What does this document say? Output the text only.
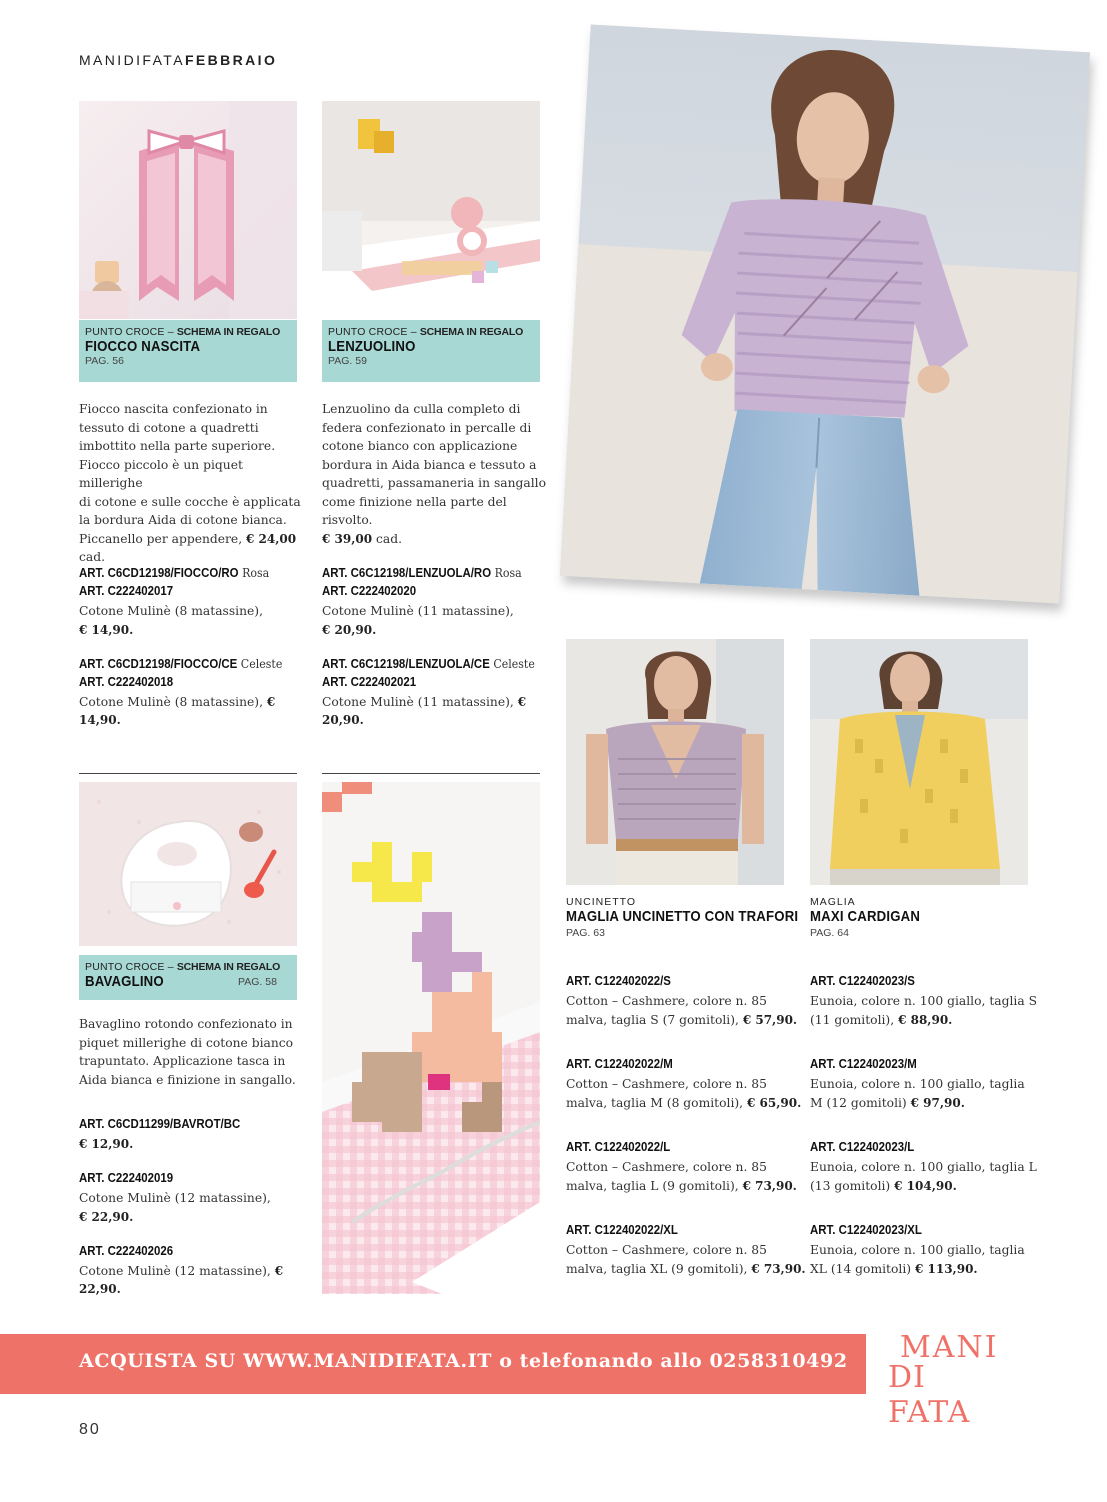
MANIDIFATAFEBBRAIO
PUNTO CROCE – SCHEMA IN REGALO
FIOCCO NASCITA
PAG. 56
Fiocco nascita confezionato in
tessuto di cotone a quadretti
imbottito nella parte superiore.
Fiocco piccolo è un piquet millerighe
di cotone e sulle cocche è applicata
la bordura Aida di cotone bianca.
Piccanello per appendere, € 24,00 cad.
ART. C6CD12198/FIOCCO/RO Rosa
ART. C222402017
Cotone Mulinè (8 matassine),
€ 14,90.
ART. C6CD12198/FIOCCO/CE Celeste
ART. C222402018
Cotone Mulinè (8 matassine), € 14,90.
PUNTO CROCE – SCHEMA IN REGALO
LENZUOLINO
PAG. 59
Lenzuolino da culla completo di
federa confezionato in percalle di
cotone bianco con applicazione
bordura in Aida bianca e tessuto a
quadretti, passamaneria in sangallo
come finizione nella parte del risvolto.
€ 39,00 cad.
ART. C6C12198/LENZUOLA/RO Rosa
ART. C222402020
Cotone Mulinè (11 matassine),
€ 20,90.
ART. C6C12198/LENZUOLA/CE Celeste
ART. C222402021
Cotone Mulinè (11 matassine), € 20,90.
PUNTO CROCE – SCHEMA IN REGALO
BAVAGLINO	PAG. 58
Bavaglino rotondo confezionato in
piquet millerighe di cotone bianco
trapuntato. Applicazione tasca in
Aida bianca e finizione in sangallo.
ART. C6CD11299/BAVROT/BC
€ 12,90.
ART. C222402019
Cotone Mulinè (12 matassine),
€ 22,90.
ART. C222402026
Cotone Mulinè (12 matassine), € 22,90.
UNCINETTO
MAGLIA UNCINETTO CON TRAFORI
PAG. 63
ART. C122402022/S
Cotton – Cashmere, colore n. 85
malva, taglia S (7 gomitoli), € 57,90.
ART. C122402022/M
Cotton – Cashmere, colore n. 85
malva, taglia M (8 gomitoli), € 65,90.
ART. C122402022/L
Cotton – Cashmere, colore n. 85
malva, taglia L (9 gomitoli), € 73,90.
ART. C122402022/XL
Cotton – Cashmere, colore n. 85
malva, taglia XL (9 gomitoli), € 73,90.
MAGLIA
MAXI CARDIGAN
PAG. 64
ART. C122402023/S
Eunoia, colore n. 100 giallo, taglia S
(11 gomitoli), € 88,90.
ART. C122402023/M
Eunoia, colore n. 100 giallo, taglia
M (12 gomitoli) € 97,90.
ART. C122402023/L
Eunoia, colore n. 100 giallo, taglia L
(13 gomitoli) € 104,90.
ART. C122402023/XL
Eunoia, colore n. 100 giallo, taglia
XL (14 gomitoli) € 113,90.
ACQUISTA SU WWW.MANIDIFATA.IT o telefonando allo 0258310492 MANI
DI FATA
80
